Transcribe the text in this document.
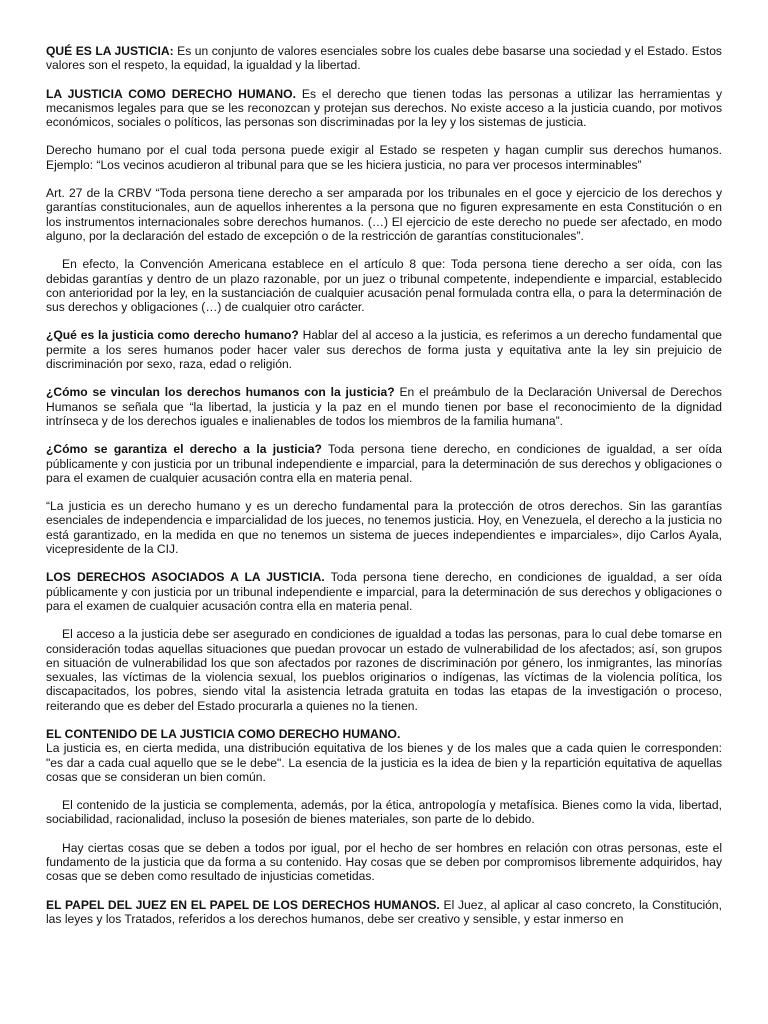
QUÉ ES LA JUSTICIA: Es un conjunto de valores esenciales sobre los cuales debe basarse una sociedad y el Estado. Estos valores son el respeto, la equidad, la igualdad y la libertad.

LA JUSTICIA COMO DERECHO HUMANO. Es el derecho que tienen todas las personas a utilizar las herramientas y mecanismos legales para que se les reconozcan y protejan sus derechos. No existe acceso a la justicia cuando, por motivos económicos, sociales o políticos, las personas son discriminadas por la ley y los sistemas de justicia.

Derecho humano por el cual toda persona puede exigir al Estado se respeten y hagan cumplir sus derechos humanos. Ejemplo: “Los vecinos acudieron al tribunal para que se les hiciera justicia, no para ver procesos interminables”

Art. 27 de la CRBV “Toda persona tiene derecho a ser amparada por los tribunales en el goce y ejercicio de los derechos y garantías constitucionales, aun de aquellos inherentes a la persona que no figuren expresamente en esta Constitución o en los instrumentos internacionales sobre derechos humanos. (…) El ejercicio de este derecho no puede ser afectado, en modo alguno, por la declaración del estado de excepción o de la restricción de garantías constitucionales”.

En efecto, la Convención Americana establece en el artículo 8 que: Toda persona tiene derecho a ser oída, con las debidas garantías y dentro de un plazo razonable, por un juez o tribunal competente, independiente e imparcial, establecido con anterioridad por la ley, en la sustanciación de cualquier acusación penal formulada contra ella, o para la determinación de sus derechos y obligaciones (…) de cualquier otro carácter.

¿Qué es la justicia como derecho humano? Hablar del al acceso a la justicia, es referimos a un derecho fundamental que permite a los seres humanos poder hacer valer sus derechos de forma justa y equitativa ante la ley sin prejuicio de discriminación por sexo, raza, edad o religión.

¿Cómo se vinculan los derechos humanos con la justicia? En el preámbulo de la Declaración Universal de Derechos Humanos se señala que “la libertad, la justicia y la paz en el mundo tienen por base el reconocimiento de la dignidad intrínseca y de los derechos iguales e inalienables de todos los miembros de la familia humana”.

¿Cómo se garantiza el derecho a la justicia? Toda persona tiene derecho, en condiciones de igualdad, a ser oída públicamente y con justicia por un tribunal independiente e imparcial, para la determinación de sus derechos y obligaciones o para el examen de cualquier acusación contra ella en materia penal.

“La justicia es un derecho humano y es un derecho fundamental para la protección de otros derechos. Sin las garantías esenciales de independencia e imparcialidad de los jueces, no tenemos justicia. Hoy, en Venezuela, el derecho a la justicia no está garantizado, en la medida en que no tenemos un sistema de jueces independientes e imparciales», dijo Carlos Ayala, vicepresidente de la CIJ.

LOS DERECHOS ASOCIADOS A LA JUSTICIA. Toda persona tiene derecho, en condiciones de igualdad, a ser oída públicamente y con justicia por un tribunal independiente e imparcial, para la determinación de sus derechos y obligaciones o para el examen de cualquier acusación contra ella en materia penal.

El acceso a la justicia debe ser asegurado en condiciones de igualdad a todas las personas, para lo cual debe tomarse en consideración todas aquellas situaciones que puedan provocar un estado de vulnerabilidad de los afectados; así, son grupos en situación de vulnerabilidad los que son afectados por razones de discriminación por género, los inmigrantes, las minorías sexuales, las víctimas de la violencia sexual, los pueblos originarios o indígenas, las víctimas de la violencia política, los discapacitados, los pobres, siendo vital la asistencia letrada gratuita en todas las etapas de la investigación o proceso, reiterando que es deber del Estado procurarla a quienes no la tienen.

EL CONTENIDO DE LA JUSTICIA COMO DERECHO HUMANO.

La justicia es, en cierta medida, una distribución equitativa de los bienes y de los males que a cada quien le corresponden: "es dar a cada cual aquello que se le debe". La esencia de la justicia es la idea de bien y la repartición equitativa de aquellas cosas que se consideran un bien común.

El contenido de la justicia se complementa, además, por la ética, antropología y metafísica. Bienes como la vida, libertad, sociabilidad, racionalidad, incluso la posesión de bienes materiales, son parte de lo debido.

Hay ciertas cosas que se deben a todos por igual, por el hecho de ser hombres en relación con otras personas, este el fundamento de la justicia que da forma a su contenido. Hay cosas que se deben por compromisos libremente adquiridos, hay cosas que se deben como resultado de injusticias cometidas.

EL PAPEL DEL JUEZ EN EL PAPEL DE LOS DERECHOS HUMANOS. El Juez, al aplicar al caso concreto, la Constitución, las leyes y los Tratados, referidos a los derechos humanos, debe ser creativo y sensible, y estar inmerso en
